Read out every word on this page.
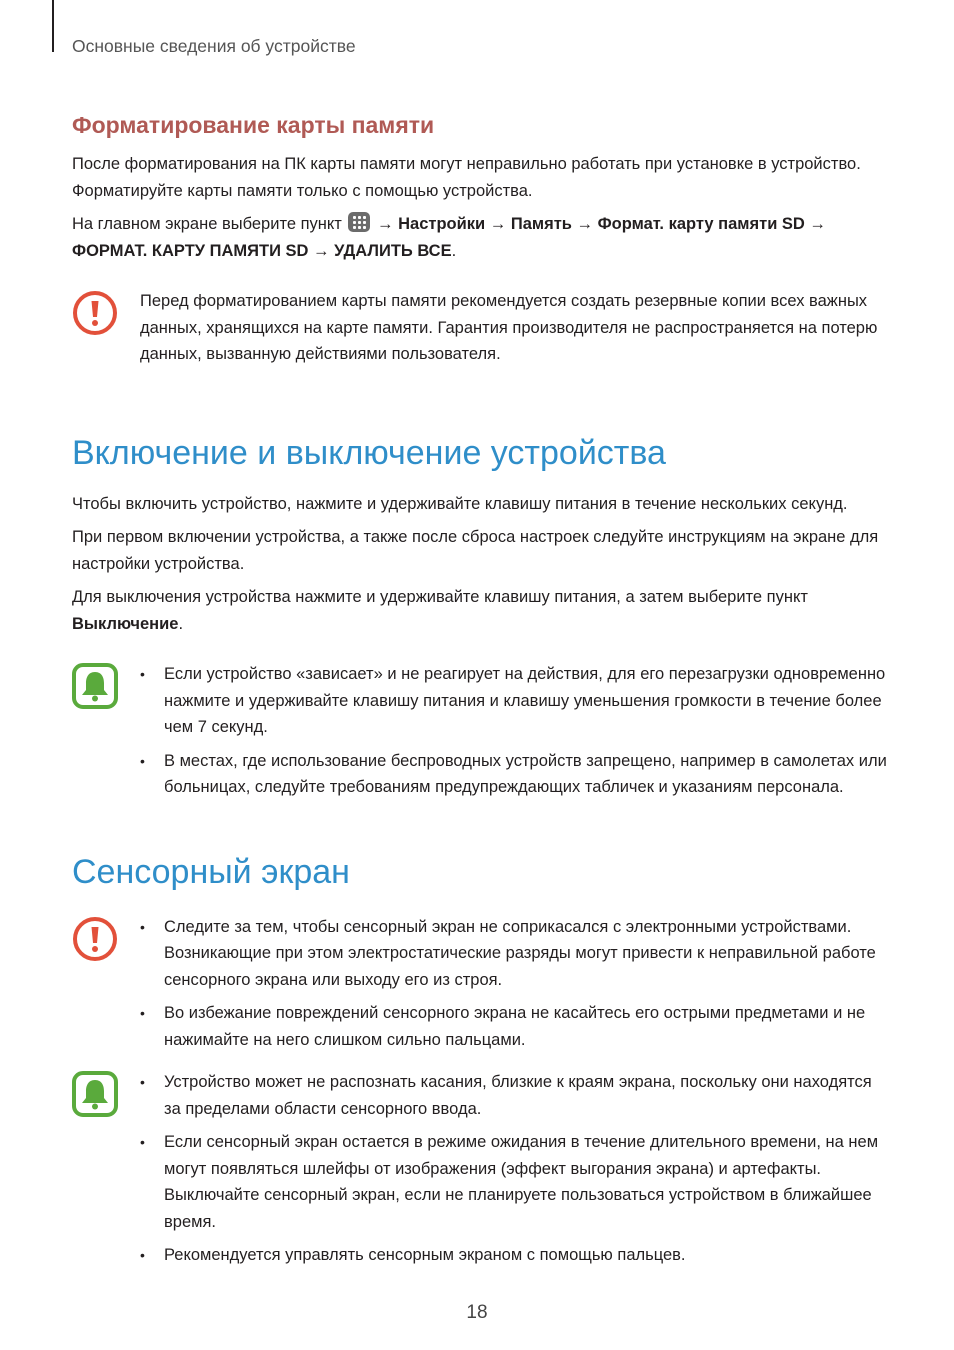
Основные сведения об устройстве
Форматирование карты памяти

После форматирования на ПК карты памяти могут неправильно работать при установке в устройство. Форматируйте карты памяти только с помощью устройства.

На главном экране выберите пункт → Настройки → Память → Формат. карту памяти SD →
ФОРМАТ. КАРТУ ПАМЯТИ SD → УДАЛИТЬ ВСЕ.

Перед форматированием карты памяти рекомендуется создать резервные копии всех важных данных, хранящихся на карте памяти. Гарантия производителя не распространяется на потерю данных, вызванную действиями пользователя.

Включение и выключение устройства

Чтобы включить устройство, нажмите и удерживайте клавишу питания в течение нескольких секунд.

При первом включении устройства, а также после сброса настроек следуйте инструкциям на экране для настройки устройства.

Для выключения устройства нажмите и удерживайте клавишу питания, а затем выберите пункт
Выключение.

• Если устройство «зависает» и не реагирует на действия, для его перезагрузки одновременно нажмите и удерживайте клавишу питания и клавишу уменьшения громкости в течение более чем 7 секунд.
• В местах, где использование беспроводных устройств запрещено, например в самолетах или больницах, следуйте требованиям предупреждающих табличек и указаниям персонала.
Сенсорный экран
• Следите за тем, чтобы сенсорный экран не соприкасался с электронными устройствами. Возникающие при этом электростатические разряды могут привести к неправильной работе сенсорного экрана или выходу его из строя.
• Во избежание повреждений сенсорного экрана не касайтесь его острыми предметами и не нажимайте на него слишком сильно пальцами.
• Устройство может не распознать касания, близкие к краям экрана, поскольку они находятся за пределами области сенсорного ввода.
• Если сенсорный экран остается в режиме ожидания в течение длительного времени, на нем могут появляться шлейфы от изображения (эффект выгорания экрана) и артефакты. Выключайте сенсорный экран, если не планируете пользоваться устройством в ближайшее время.
• Рекомендуется управлять сенсорным экраном с помощью пальцев.
18
